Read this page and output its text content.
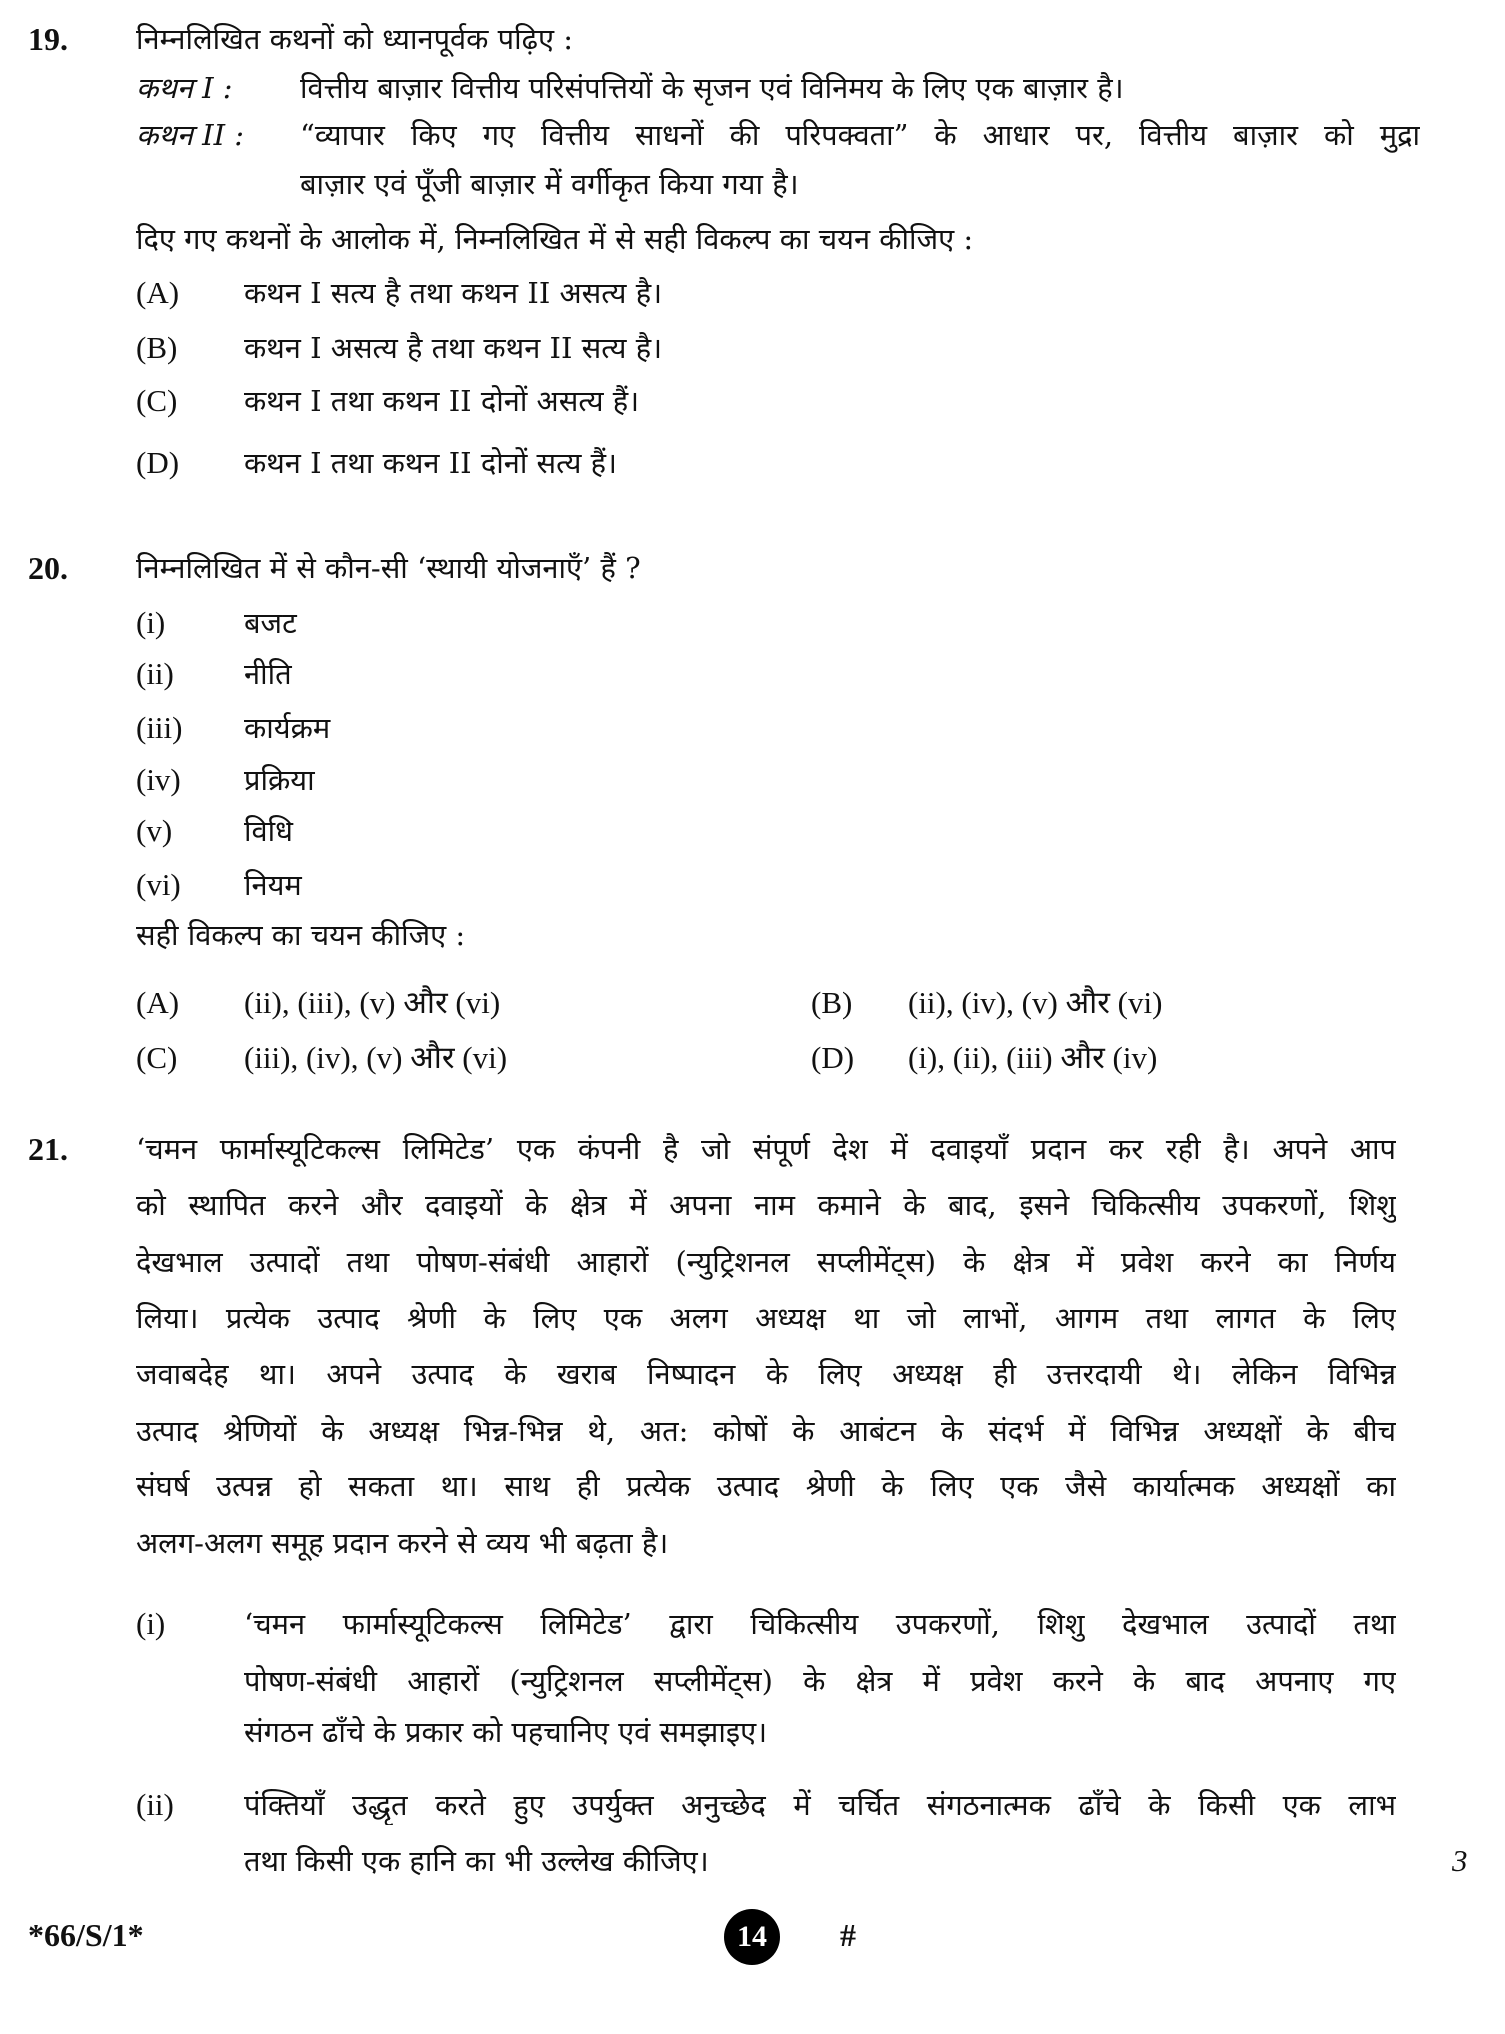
19. निम्नलिखित कथनों को ध्यानपूर्वक पढ़िए :
कथन I : वित्तीय बाज़ार वित्तीय परिसंपत्तियों के सृजन एवं विनिमय के लिए एक बाज़ार है।
कथन II : “व्यापार किए गए वित्तीय साधनों की परिपक्वता” के आधार पर, वित्तीय बाज़ार को मुद्रा
बाज़ार एवं पूँजी बाज़ार में वर्गीकृत किया गया है।
दिए गए कथनों के आलोक में, निम्नलिखित में से सही विकल्प का चयन कीजिए :
(A) कथन I सत्य है तथा कथन II असत्य है।
(B) कथन I असत्य है तथा कथन II सत्य है।
(C) कथन I तथा कथन II दोनों असत्य हैं।
(D) कथन I तथा कथन II दोनों सत्य हैं।
20. निम्नलिखित में से कौन-सी ‘स्थायी योजनाएँ’ हैं ?
(i)	बजट
(ii) नीति
(iii) कार्यक्रम
(iv) प्रक्रिया
(v) विधि
(vi) नियम
सही विकल्प का चयन कीजिए :
(A) (ii), (iii), (v) और (vi)	(B) (ii), (iv), (v) और (vi)
(C) (iii), (iv), (v) और (vi)	(D) (i), (ii), (iii) और (iv)
21. ‘चमन फार्मास्यूटिकल्स लिमिटेड’ एक कंपनी है जो संपूर्ण देश में दवाइयाँ प्रदान कर रही है। अपने आप
को स्थापित करने और दवाइयों के क्षेत्र में अपना नाम कमाने के बाद, इसने चिकित्सीय उपकरणों, शिशु
देखभाल उत्पादों तथा पोषण-संबंधी आहारों (न्युट्रिशनल सप्लीमेंट्स) के क्षेत्र में प्रवेश करने का निर्णय
लिया। प्रत्येक उत्पाद श्रेणी के लिए एक अलग अध्यक्ष था जो लाभों, आगम तथा लागत के लिए
जवाबदेह था। अपने उत्पाद के खराब निष्पादन के लिए अध्यक्ष ही उत्तरदायी थे। लेकिन विभिन्न
उत्पाद श्रेणियों के अध्यक्ष भिन्न-भिन्न थे, अत: कोषों के आबंटन के संदर्भ में विभिन्न अध्यक्षों के बीच
संघर्ष उत्पन्न हो सकता था। साथ ही प्रत्येक उत्पाद श्रेणी के लिए एक जैसे कार्यात्मक अध्यक्षों का
अलग-अलग समूह प्रदान करने से व्यय भी बढ़ता है।
(i)	‘चमन फार्मास्यूटिकल्स लिमिटेड’ द्वारा चिकित्सीय उपकरणों, शिशु देखभाल उत्पादों तथा
पोषण-संबंधी आहारों (न्युट्रिशनल सप्लीमेंट्स) के क्षेत्र में प्रवेश करने के बाद अपनाए गए
संगठन ढाँचे के प्रकार को पहचानिए एवं समझाइए।
(ii) पंक्तियाँ उद्धृत करते हुए उपर्युक्त अनुच्छेद में चर्चित संगठनात्मक ढाँचे के किसी एक लाभ
तथा किसी एक हानि का भी उल्लेख कीजिए।	3
*66/S/1*	14	#
